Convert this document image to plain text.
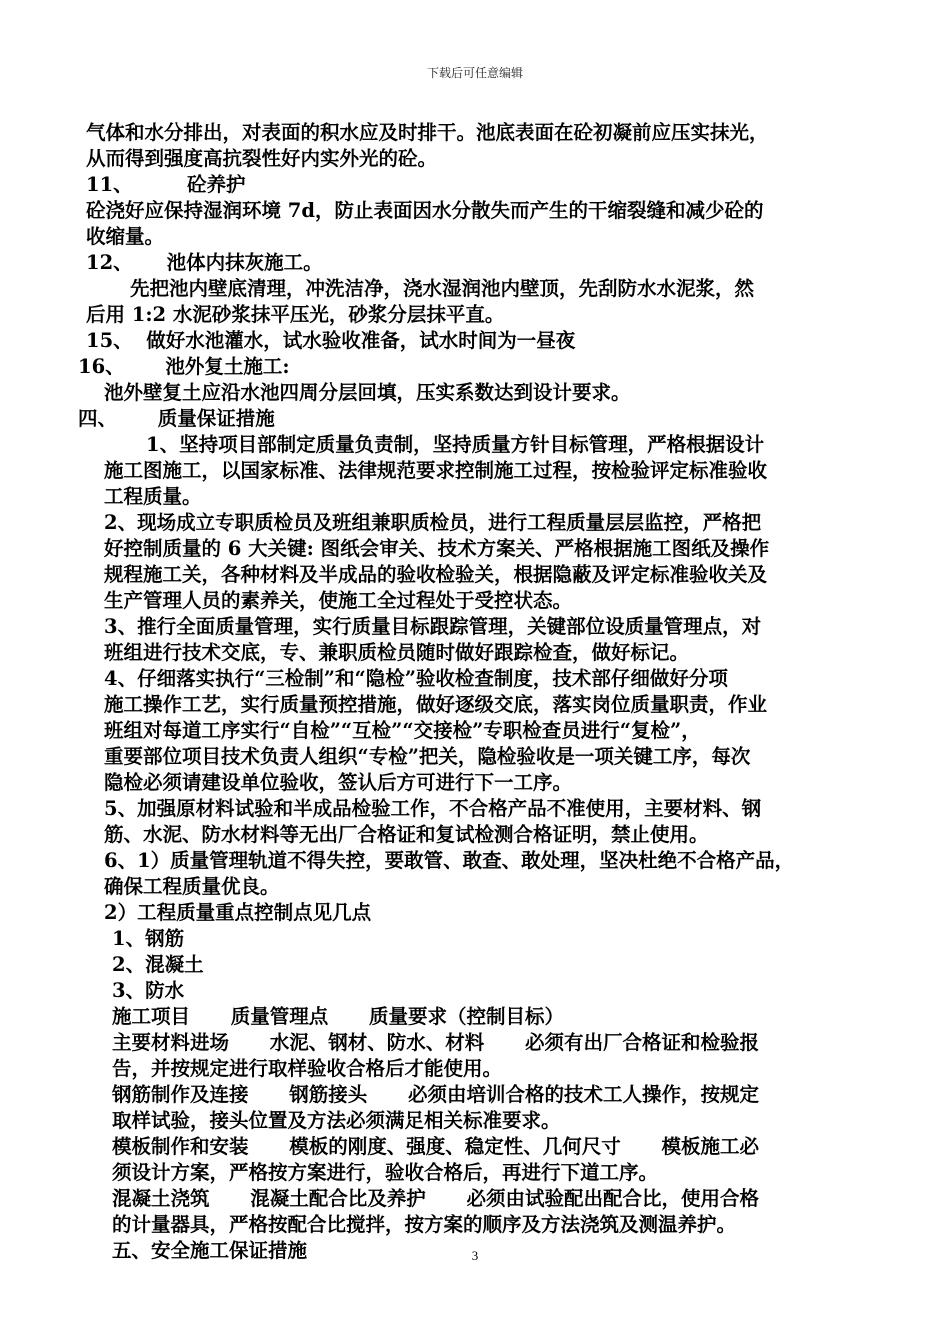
下载后可任意编辑
气体和水分排出，对表面的积水应及时排干。池底表面在砼初凝前应压实抹光，
从而得到强度高抗裂性好内实外光的砼。
11、        砼养护
砼浇好应保持湿润环境 7d，防止表面因水分散失而产生的干缩裂缝和减少砼的
收缩量。
12、     池体内抹灰施工。
先把池内壁底清理，冲洗洁净，浇水湿润池内壁顶，先刮防水水泥浆，然
后用 1:2 水泥砂浆抹平压光，砂浆分层抹平直。
15、  做好水池灌水，试水验收准备，试水时间为一昼夜
16、      池外复土施工:
池外壁复土应沿水池四周分层回填，压实系数达到设计要求。
四、      质量保证措施
1、坚持项目部制定质量负责制，坚持质量方针目标管理，严格根据设计
施工图施工，以国家标准、法律规范要求控制施工过程，按检验评定标准验收
工程质量。
2、现场成立专职质检员及班组兼职质检员，进行工程质量层层监控，严格把
好控制质量的 6 大关键: 图纸会审关、技术方案关、严格根据施工图纸及操作
规程施工关，各种材料及半成品的验收检验关，根据隐蔽及评定标准验收关及
生产管理人员的素养关，使施工全过程处于受控状态。
3、推行全面质量管理，实行质量目标跟踪管理，关键部位设质量管理点，对
班组进行技术交底，专、兼职质检员随时做好跟踪检查，做好标记。
4、仔细落实执行“三检制”和“隐检”验收检查制度，技术部仔细做好分项
施工操作工艺，实行质量预控措施，做好逐级交底，落实岗位质量职责，作业
班组对每道工序实行“自检”“互检”“交接检”专职检查员进行“复检”，
重要部位项目技术负责人组织“专检”把关，隐检验收是一项关键工序，每次
隐检必须请建设单位验收，签认后方可进行下一工序。
5、加强原材料试验和半成品检验工作，不合格产品不准使用，主要材料、钢
筋、水泥、防水材料等无出厂合格证和复试检测合格证明，禁止使用。
6、1）质量管理轨道不得失控，要敢管、敢查、敢处理，坚决杜绝不合格产品，
确保工程质量优良。
2）工程质量重点控制点见几点
1、钢筋
2、混凝土
3、防水
施工项目      质量管理点      质量要求（控制目标）
主要材料进场      水泥、钢材、防水、材料      必须有出厂合格证和检验报
告，并按规定进行取样验收合格后才能使用。
钢筋制作及连接      钢筋接头      必须由培训合格的技术工人操作，按规定
取样试验，接头位置及方法必须满足相关标准要求。
模板制作和安装      模板的刚度、强度、稳定性、几何尺寸      模板施工必
须设计方案，严格按方案进行，验收合格后，再进行下道工序。
混凝土浇筑      混凝土配合比及养护      必须由试验配出配合比，使用合格
的计量器具，严格按配合比搅拌，按方案的顺序及方法浇筑及测温养护。
五、安全施工保证措施	3
